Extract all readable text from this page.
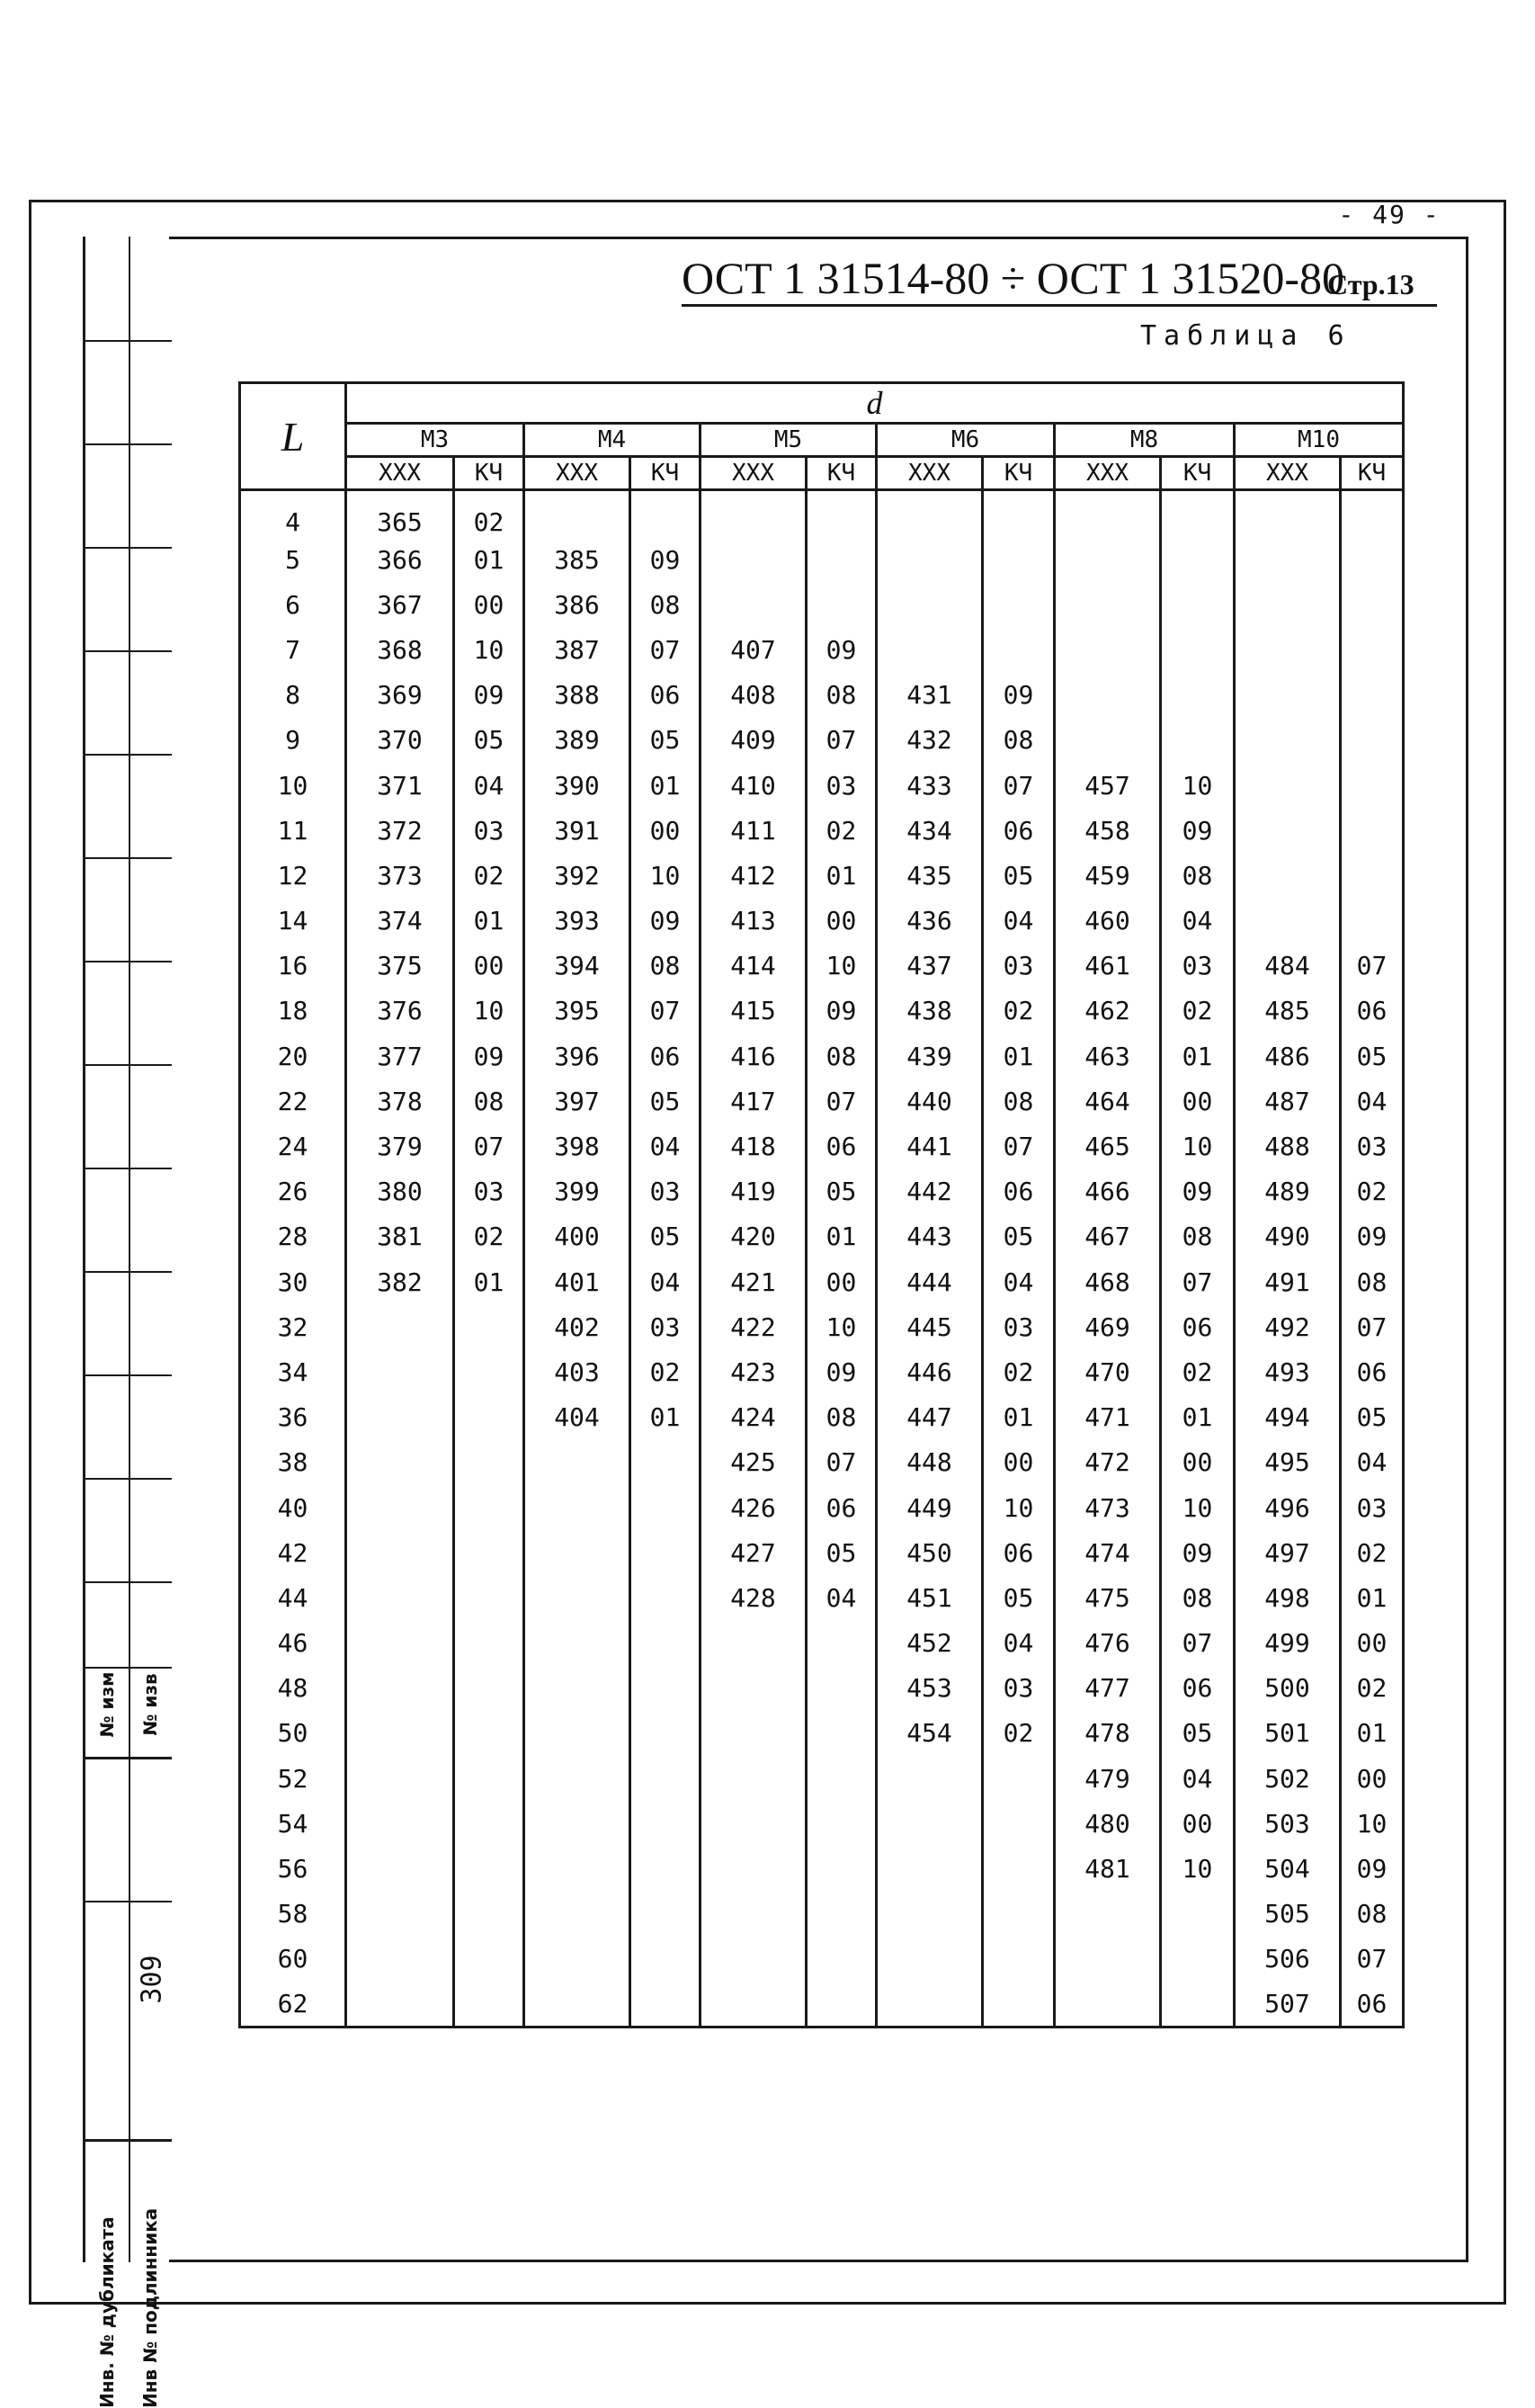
- 49 -
ОСТ 1 31514-80 ÷ ОСТ 1 31520-80
Стр.13
Таблица 6
№ изм № изв
309
Инв. № дубликата Инв № подлинника
L	d											
	M3		M4		M5		M6		M8		M10	
	XXX	КЧ	XXX	КЧ	XXX	КЧ	XXX	КЧ	XXX	КЧ	XXX	КЧ
4	365	02										
5	366	01	385	09								
6	367	00	386	08								
7	368	10	387	07	407	09						
8	369	09	388	06	408	08	431	09				
9	370	05	389	05	409	07	432	08				
10	371	04	390	01	410	03	433	07	457	10		
11	372	03	391	00	411	02	434	06	458	09		
12	373	02	392	10	412	01	435	05	459	08		
14	374	01	393	09	413	00	436	04	460	04		
16	375	00	394	08	414	10	437	03	461	03	484	07
18	376	10	395	07	415	09	438	02	462	02	485	06
20	377	09	396	06	416	08	439	01	463	01	486	05
22	378	08	397	05	417	07	440	08	464	00	487	04
24	379	07	398	04	418	06	441	07	465	10	488	03
26	380	03	399	03	419	05	442	06	466	09	489	02
28	381	02	400	05	420	01	443	05	467	08	490	09
30	382	01	401	04	421	00	444	04	468	07	491	08
32			402	03	422	10	445	03	469	06	492	07
34			403	02	423	09	446	02	470	02	493	06
36			404	01	424	08	447	01	471	01	494	05
38					425	07	448	00	472	00	495	04
40					426	06	449	10	473	10	496	03
42					427	05	450	06	474	09	497	02
44					428	04	451	05	475	08	498	01
46							452	04	476	07	499	00
48							453	03	477	06	500	02
50							454	02	478	05	501	01
52									479	04	502	00
54									480	00	503	10
56									481	10	504	09
58											505	08
60											506	07
62											507	06
